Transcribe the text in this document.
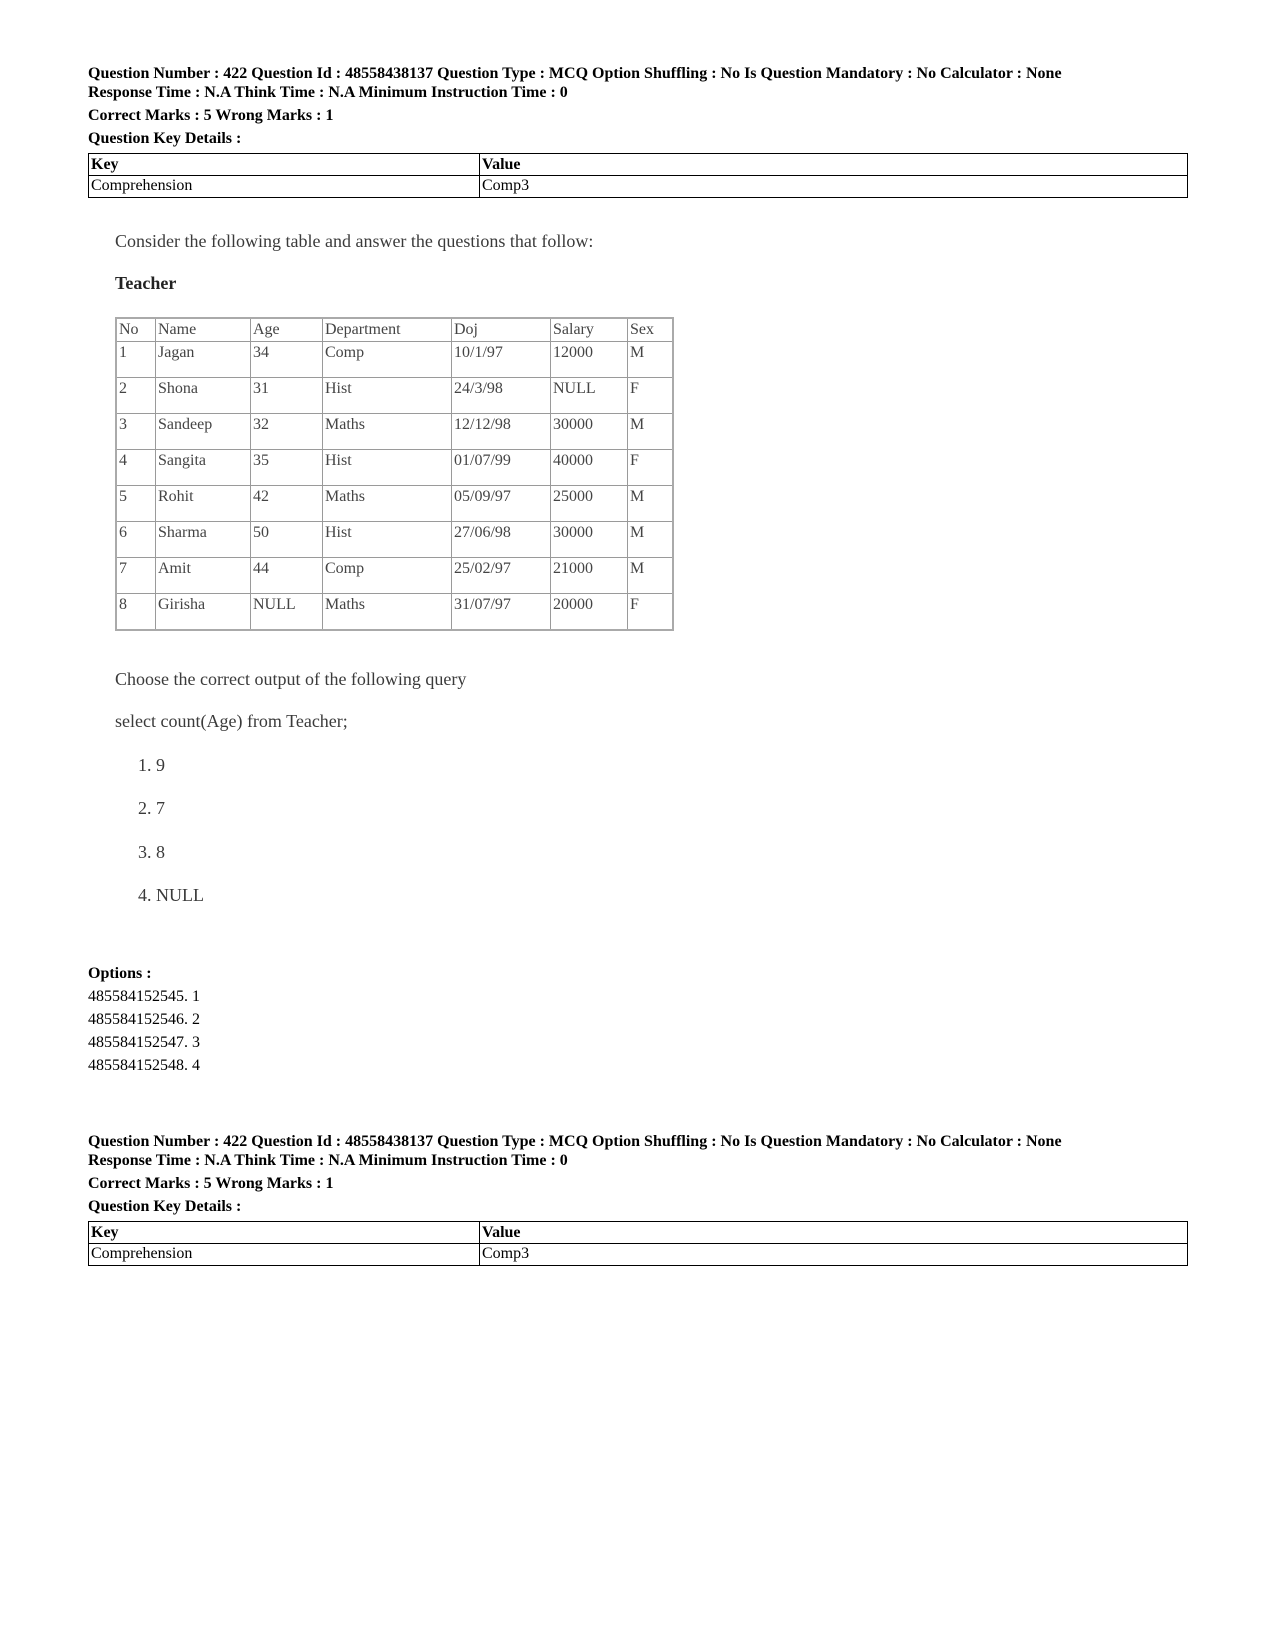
Question Number : 422 Question Id : 48558438137 Question Type : MCQ Option Shuffling : No Is Question Mandatory : No Calculator : None
Response Time : N.A Think Time : N.A Minimum Instruction Time : 0
Correct Marks : 5 Wrong Marks : 1
Question Key Details :
Key	Value
Comprehension	Comp3
Consider the following table and answer the questions that follow:
Teacher
No	Name	Age	Department	Doj	Salary	Sex
1	Jagan	34	Comp	10/1/97	12000	M
2	Shona	31	Hist	24/3/98	NULL	F
3	Sandeep	32	Maths	12/12/98	30000	M
4	Sangita	35	Hist	01/07/99	40000	F
5	Rohit	42	Maths	05/09/97	25000	M
6	Sharma	50	Hist	27/06/98	30000	M
7	Amit	44	Comp	25/02/97	21000	M
8	Girisha	NULL	Maths	31/07/97	20000	F
Choose the correct output of the following query
select count(Age) from Teacher;
1. 9
2. 7
3. 8
4. NULL
Options :
485584152545. 1
485584152546. 2
485584152547. 3
485584152548. 4
Question Number : 422 Question Id : 48558438137 Question Type : MCQ Option Shuffling : No Is Question Mandatory : No Calculator : None
Response Time : N.A Think Time : N.A Minimum Instruction Time : 0
Correct Marks : 5 Wrong Marks : 1
Question Key Details :
Key	Value
Comprehension	Comp3
